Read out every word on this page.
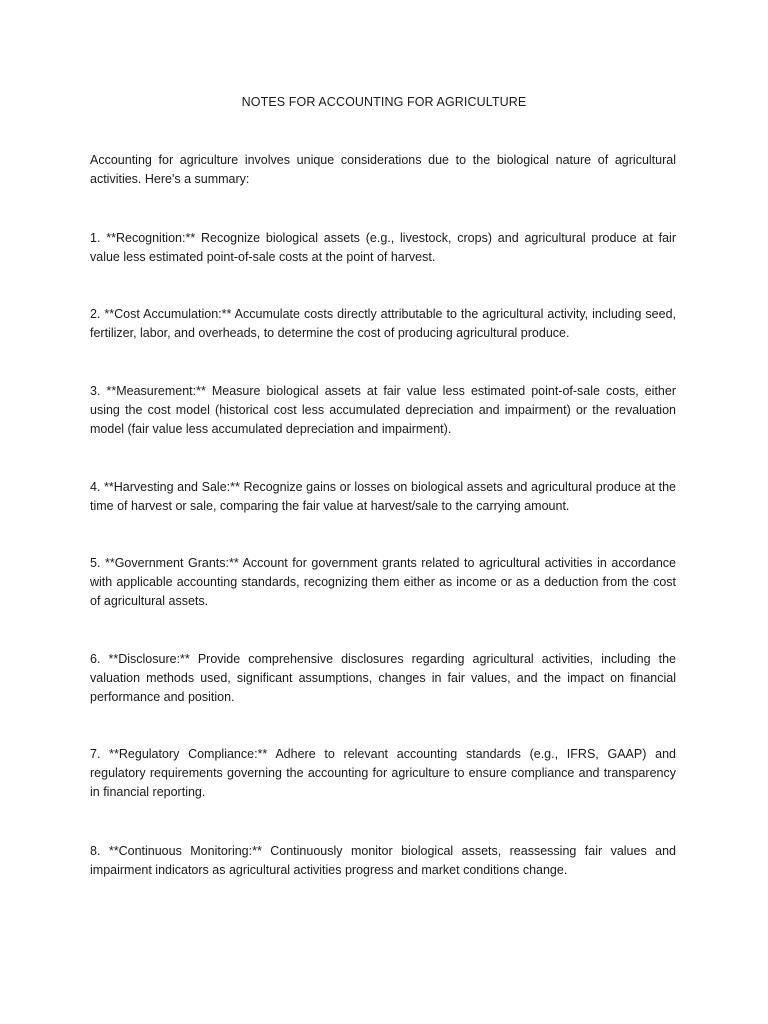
NOTES FOR ACCOUNTING FOR AGRICULTURE

Accounting for agriculture involves unique considerations due to the biological nature of agricultural activities. Here's a summary:

1. **Recognition:** Recognize biological assets (e.g., livestock, crops) and agricultural produce at fair value less estimated point-of-sale costs at the point of harvest.

2. **Cost Accumulation:** Accumulate costs directly attributable to the agricultural activity, including seed, fertilizer, labor, and overheads, to determine the cost of producing agricultural produce.

3. **Measurement:** Measure biological assets at fair value less estimated point-of-sale costs, either using the cost model (historical cost less accumulated depreciation and impairment) or the revaluation model (fair value less accumulated depreciation and impairment).

4. **Harvesting and Sale:** Recognize gains or losses on biological assets and agricultural produce at the time of harvest or sale, comparing the fair value at harvest/sale to the carrying amount.

5. **Government Grants:** Account for government grants related to agricultural activities in accordance with applicable accounting standards, recognizing them either as income or as a deduction from the cost of agricultural assets.

6. **Disclosure:** Provide comprehensive disclosures regarding agricultural activities, including the valuation methods used, significant assumptions, changes in fair values, and the impact on financial performance and position.

7. **Regulatory Compliance:** Adhere to relevant accounting standards (e.g., IFRS, GAAP) and regulatory requirements governing the accounting for agriculture to ensure compliance and transparency in financial reporting.

8. **Continuous Monitoring:** Continuously monitor biological assets, reassessing fair values and impairment indicators as agricultural activities progress and market conditions change.
